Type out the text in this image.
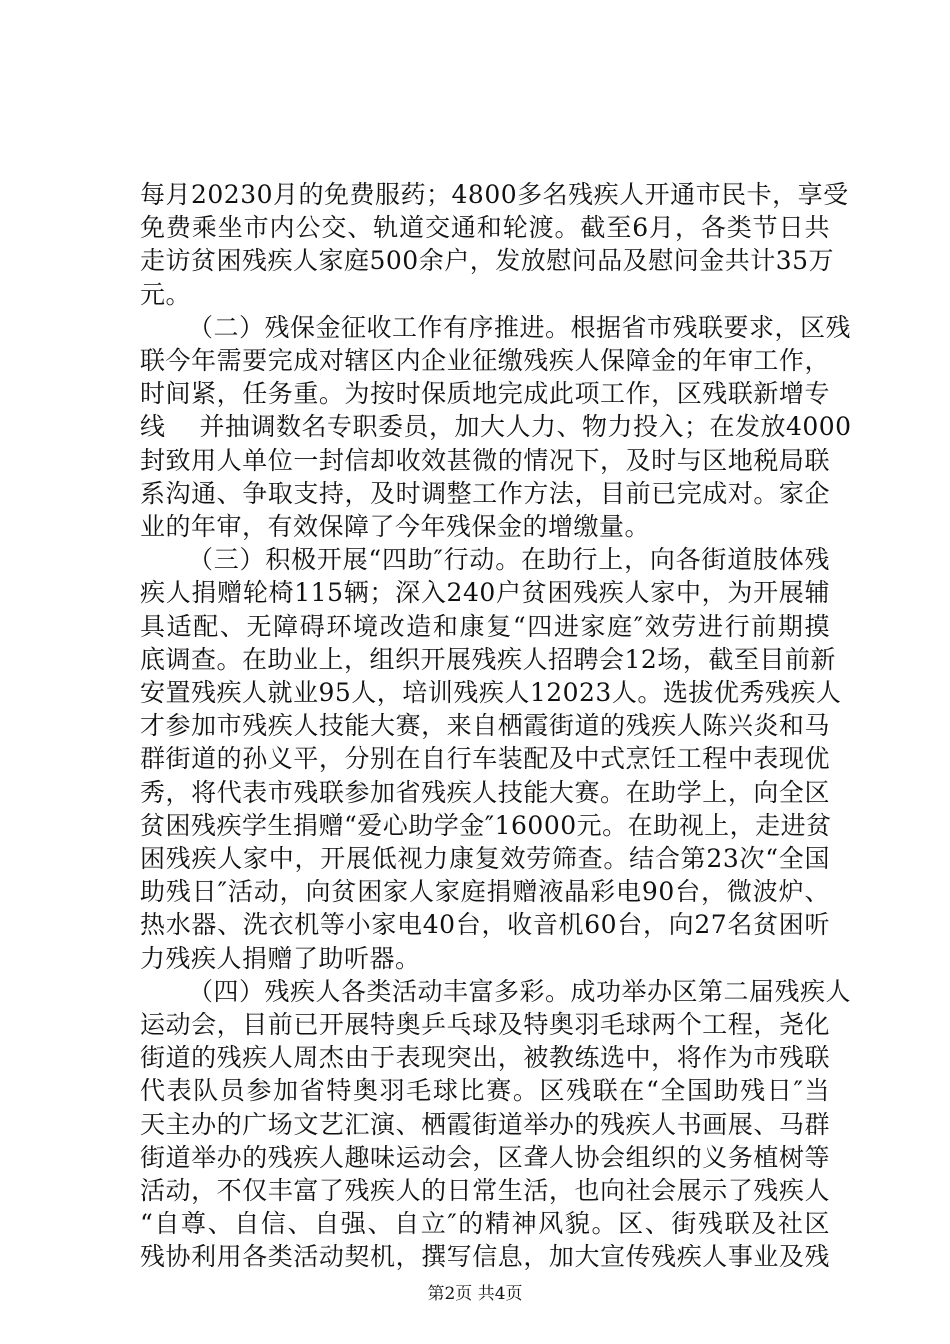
第2页 共4页
每月20230月的免费服药；4800多名残疾人开通市民卡，享受
免费乘坐市内公交、轨道交通和轮渡。截至6月，各类节日共
走访贫困残疾人家庭500余户，发放慰问品及慰问金共计35万
元。
（二）残保金征收工作有序推进。根据省市残联要求，区残
联今年需要完成对辖区内企业征缴残疾人保障金的年审工作，
时间紧，任务重。为按时保质地完成此项工作，区残联新增专
线　 并抽调数名专职委员，加大人力、物力投入；在发放4000
封致用人单位一封信却收效甚微的情况下，及时与区地税局联
系沟通、争取支持，及时调整工作方法，目前已完成对。家企
业的年审，有效保障了今年残保金的增缴量。
（三）积极开展“四助″行动。在助行上，向各街道肢体残
疾人捐赠轮椅115辆；深入240户贫困残疾人家中，为开展辅
具适配、无障碍环境改造和康复“四进家庭″效劳进行前期摸
底调查。在助业上，组织开展残疾人招聘会12场，截至目前新
安置残疾人就业95人，培训残疾人12023人。选拔优秀残疾人
才参加市残疾人技能大赛，来自栖霞街道的残疾人陈兴炎和马
群街道的孙义平，分别在自行车装配及中式烹饪工程中表现优
秀，将代表市残联参加省残疾人技能大赛。在助学上，向全区
贫困残疾学生捐赠“爱心助学金″16000元。在助视上，走进贫
困残疾人家中，开展低视力康复效劳筛查。结合第23次“全国
助残日″活动，向贫困家人家庭捐赠液晶彩电90台，微波炉、
热水器、洗衣机等小家电40台，收音机60台，向27名贫困听
力残疾人捐赠了助听器。
（四）残疾人各类活动丰富多彩。成功举办区第二届残疾人
运动会，目前已开展特奥乒乓球及特奥羽毛球两个工程，尧化
街道的残疾人周杰由于表现突出，被教练选中，将作为市残联
代表队员参加省特奥羽毛球比赛。区残联在“全国助残日″当
天主办的广场文艺汇演、栖霞街道举办的残疾人书画展、马群
街道举办的残疾人趣味运动会，区聋人协会组织的义务植树等
活动，不仅丰富了残疾人的日常生活，也向社会展示了残疾人
“自尊、自信、自强、自立″的精神风貌。区、街残联及社区
残协利用各类活动契机，撰写信息，加大宣传残疾人事业及残
